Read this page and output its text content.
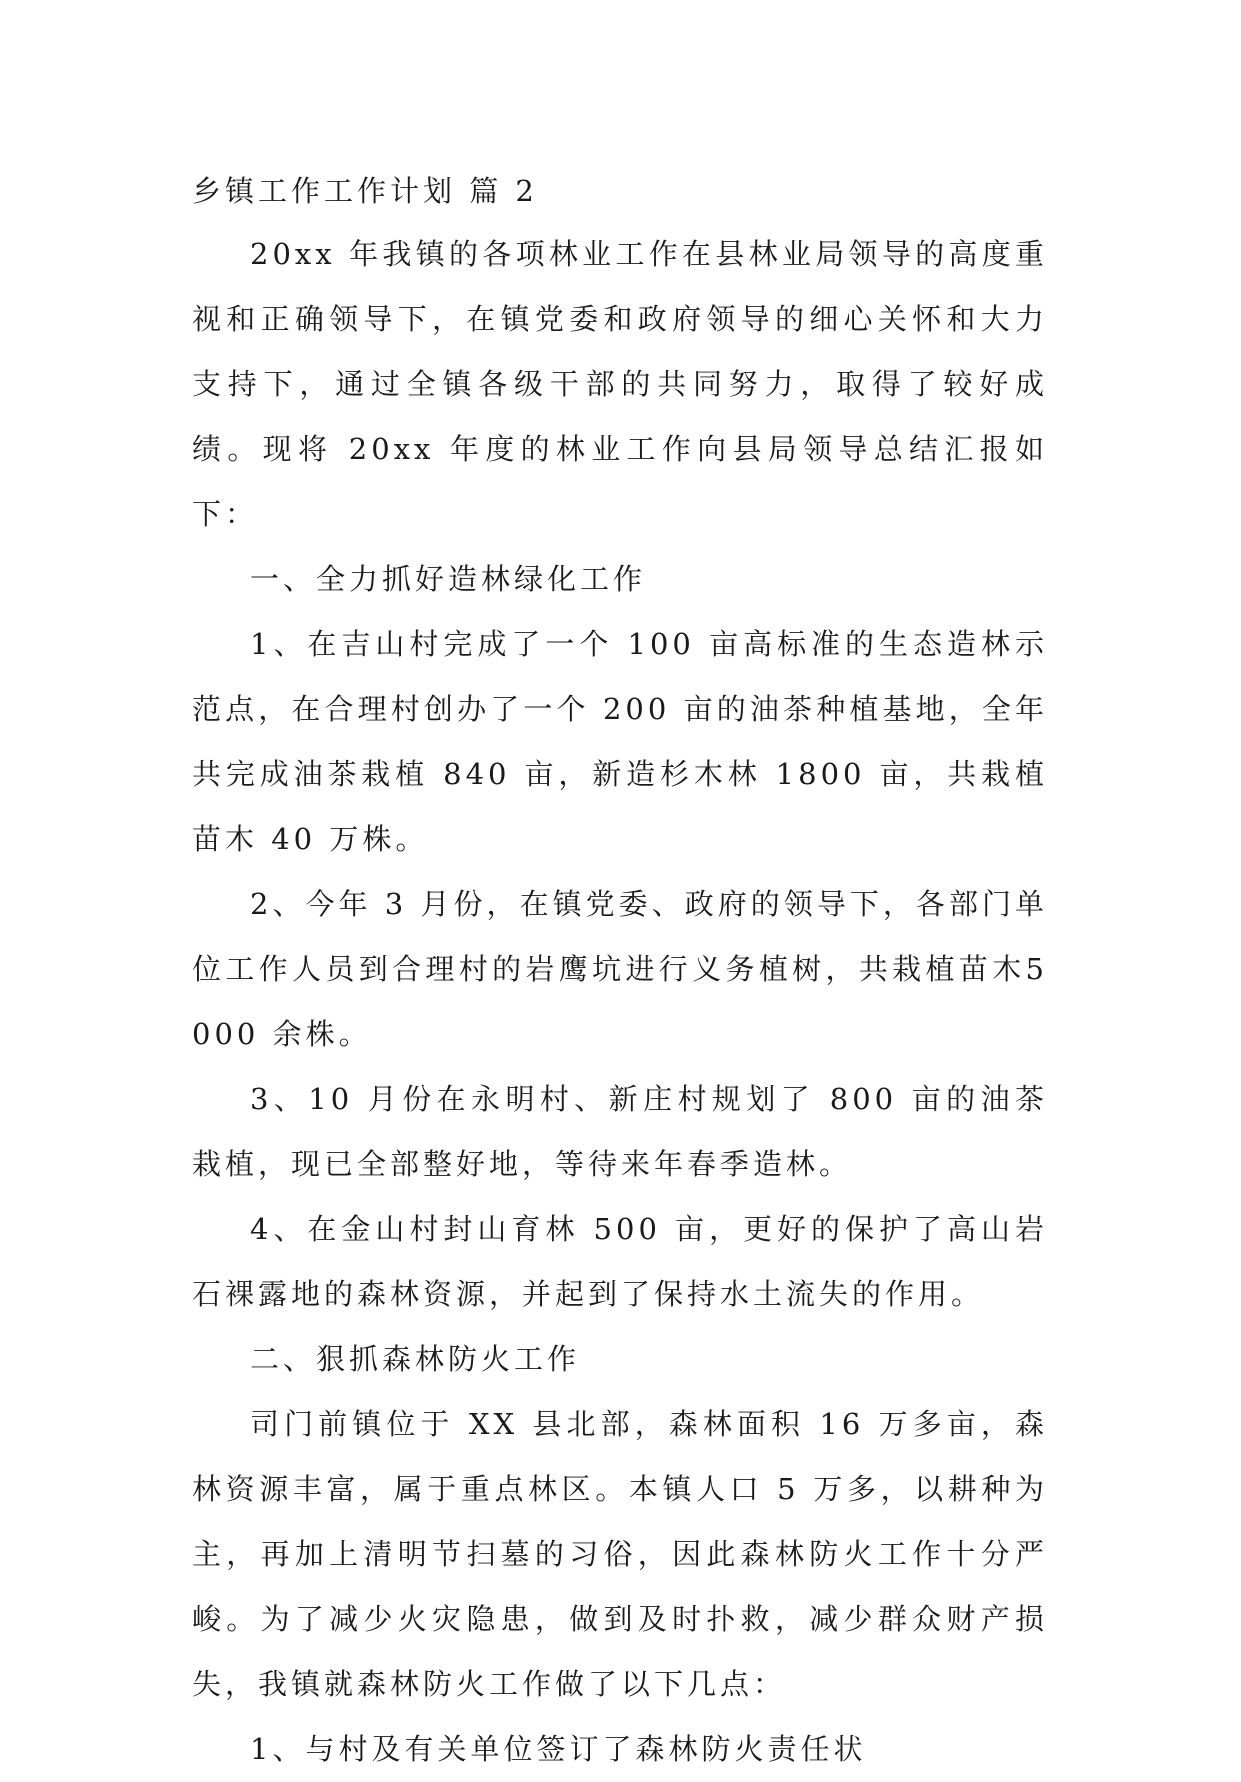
乡镇工作工作计划 篇 2

20xx 年我镇的各项林业工作在县林业局领导的高度重视和正确领导下，在镇党委和政府领导的细心关怀和大力支持下，通过全镇各级干部的共同努力，取得了较好成绩。现将 20xx 年度的林业工作向县局领导总结汇报如下：

一、全力抓好造林绿化工作

1、在吉山村完成了一个 100 亩高标准的生态造林示范点，在合理村创办了一个 200 亩的油茶种植基地，全年共完成油茶栽植 840 亩，新造杉木林 1800 亩，共栽植苗木 40 万株。

2、今年 3 月份，在镇党委、政府的领导下，各部门单位工作人员到合理村的岩鹰坑进行义务植树，共栽植苗木5000 余株。

3、10 月份在永明村、新庄村规划了 800 亩的油茶栽植，现已全部整好地，等待来年春季造林。

4、在金山村封山育林 500 亩，更好的保护了高山岩石裸露地的森林资源，并起到了保持水土流失的作用。

二、狠抓森林防火工作

司门前镇位于 XX 县北部，森林面积 16 万多亩，森林资源丰富，属于重点林区。本镇人口 5 万多，以耕种为主，再加上清明节扫墓的习俗，因此森林防火工作十分严峻。为了减少火灾隐患，做到及时扑救，减少群众财产损失，我镇就森林防火工作做了以下几点：

1、与村及有关单位签订了森林防火责任状
